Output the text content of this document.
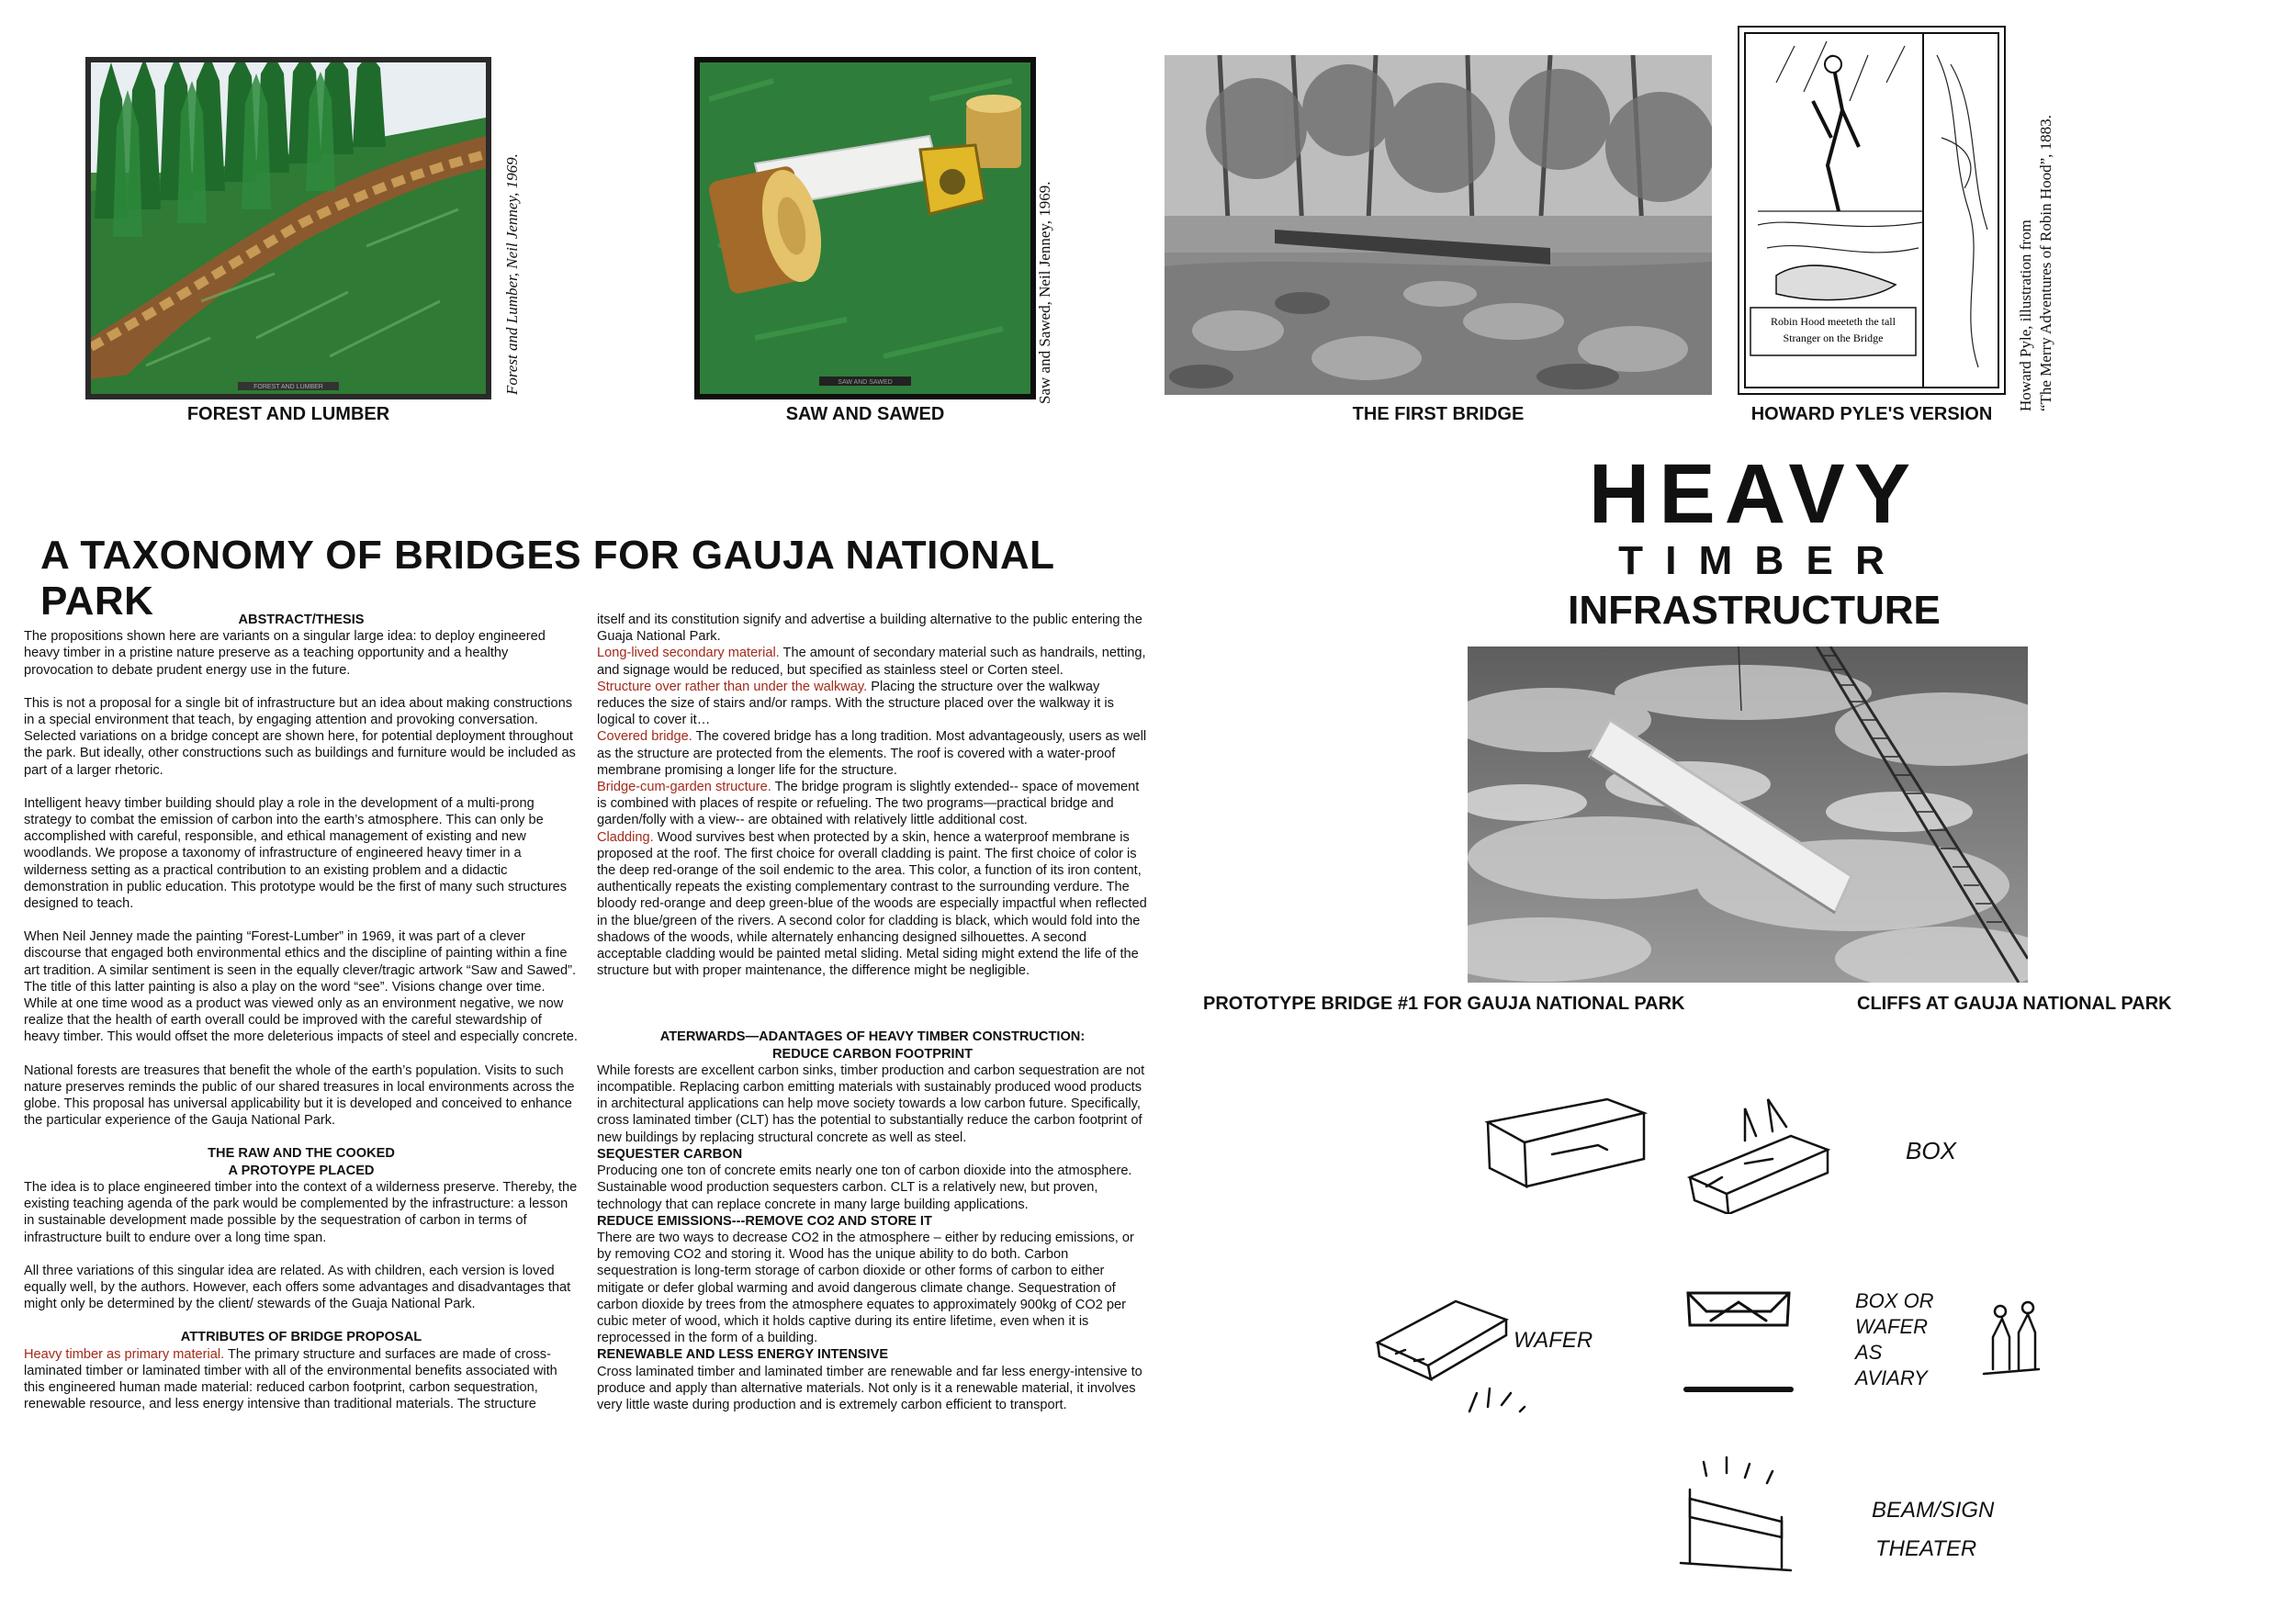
FOREST AND LUMBER	Forest and Lumber, Neil Jenney, 1969.
FOREST AND LUMBER
SAW AND SAWED	Saw and Sawed, Neil Jenney, 1969.
SAW AND SAWED	THE FIRST BRIDGE
Robin Hood meeteth the tall
Stranger on the Bridge	Howard Pyle, illustration from “The Merry Adventures of Robin Hood”, 1883.
HOWARD PYLE'S VERSION
A TAXONOMY OF BRIDGES FOR GAUJA NATIONAL PARK
HEAVY
T I M B E R
INFRASTRUCTURE

ABSTRACT/THESIS

The propositions shown here are variants on a singular large idea: to deploy engineered heavy timber in a pristine nature preserve as a teaching opportunity and a healthy provocation to debate prudent energy use in the future.

This is not a proposal for a single bit of infrastructure but an idea about making constructions in a special environment that teach, by engaging attention and provoking conversation. Selected variations on a bridge concept are shown here, for potential deployment throughout the park. But ideally, other constructions such as buildings and furniture would be included as part of a larger rhetoric.

Intelligent heavy timber building should play a role in the development of a multi-prong strategy to combat the emission of carbon into the earth’s atmosphere. This can only be accomplished with careful, responsible, and ethical management of existing and new woodlands. We propose a taxonomy of infrastructure of engineered heavy timer in a wilderness setting as a practical contribution to an existing problem and a didactic demonstration in public education. This prototype would be the first of many such structures designed to teach.

When Neil Jenney made the painting “Forest-Lumber” in 1969, it was part of a clever discourse that engaged both environmental ethics and the discipline of painting within a fine art tradition. A similar sentiment is seen in the equally clever/tragic artwork “Saw and Sawed”. The title of this latter painting is also a play on the word “see”. Visions change over time. While at one time wood as a product was viewed only as an environment negative, we now realize that the health of earth overall could be improved with the careful stewardship of heavy timber. This would offset the more deleterious impacts of steel and especially concrete.

National forests are treasures that benefit the whole of the earth’s population. Visits to such nature preserves reminds the public of our shared treasures in local environments across the globe. This proposal has universal applicability but it is developed and conceived to enhance the particular experience of the Gauja National Park.

THE RAW AND THE COOKED

A PROTOYPE PLACED

The idea is to place engineered timber into the context of a wilderness preserve. Thereby, the existing teaching agenda of the park would be complemented by the infrastructure: a lesson in sustainable development made possible by the sequestration of carbon in terms of infrastructure built to endure over a long time span.

All three variations of this singular idea are related. As with children, each version is loved equally well, by the authors. However, each offers some advantages and disadvantages that might only be determined by the client/ stewards of the Guaja National Park.

ATTRIBUTES OF BRIDGE PROPOSAL

Heavy timber as primary material. The primary structure and surfaces are made of cross-laminated timber or laminated timber with all of the environmental benefits associated with this engineered human made material: reduced carbon footprint, carbon sequestration, renewable resource, and less energy intensive than traditional materials. The structure

itself and its constitution signify and advertise a building alternative to the public entering the Guaja National Park.
Long-lived secondary material. The amount of secondary material such as handrails, netting, and signage would be reduced, but specified as stainless steel or Corten steel.
Structure over rather than under the walkway. Placing the structure over the walkway reduces the size of stairs and/or ramps. With the structure placed over the walkway it is logical to cover it…
Covered bridge. The covered bridge has a long tradition. Most advantageously, users as well as the structure are protected from the elements. The roof is covered with a water-proof membrane promising a longer life for the structure.
Bridge-cum-garden structure. The bridge program is slightly extended-- space of movement is combined with places of respite or refueling. The two programs—practical bridge and garden/folly with a view-- are obtained with relatively little additional cost.
Cladding. Wood survives best when protected by a skin, hence a waterproof membrane is proposed at the roof. The first choice for overall cladding is paint. The first choice of color is the deep red-orange of the soil endemic to the area. This color, a function of its iron content, authentically repeats the existing complementary contrast to the surrounding verdure. The bloody red-orange and deep green-blue of the woods are especially impactful when reflected in the blue/green of the rivers. A second color for cladding is black, which would fold into the shadows of the woods, while alternately enhancing designed silhouettes. A second acceptable cladding would be painted metal sliding. Metal siding might extend the life of the structure but with proper maintenance, the difference might be negligible.

ATERWARDS—ADANTAGES OF HEAVY TIMBER CONSTRUCTION:

REDUCE CARBON FOOTPRINT

While forests are excellent carbon sinks, timber production and carbon sequestration are not incompatible. Replacing carbon emitting materials with sustainably produced wood products in architectural applications can help move society towards a low carbon future. Specifically, cross laminated timber (CLT) has the potential to substantially reduce the carbon footprint of new buildings by replacing structural concrete as well as steel.
SEQUESTER CARBON
Producing one ton of concrete emits nearly one ton of carbon dioxide into the atmosphere. Sustainable wood production sequesters carbon. CLT is a relatively new, but proven, technology that can replace concrete in many large building applications.
REDUCE EMISSIONS---REMOVE CO2 AND STORE IT
There are two ways to decrease CO2 in the atmosphere – either by reducing emissions, or by removing CO2 and storing it. Wood has the unique ability to do both. Carbon sequestration is long-term storage of carbon dioxide or other forms of carbon to either mitigate or defer global warming and avoid dangerous climate change. Sequestration of carbon dioxide by trees from the atmosphere equates to approximately 900kg of CO2 per cubic meter of wood, which it holds captive during its entire lifetime, even when it is reprocessed in the form of a building.
RENEWABLE AND LESS ENERGY INTENSIVE
Cross laminated timber and laminated timber are renewable and far less energy-intensive to produce and apply than alternative materials. Not only is it a renewable material, it involves very little waste during production and is extremely carbon efficient to transport.
PROTOTYPE BRIDGE #1 FOR GAUJA NATIONAL PARK	CLIFFS AT GAUJA NATIONAL PARK
BOX
WAFER
BOX OR
WAFER
AS
AVIARY
BEAM/SIGN
THEATER
